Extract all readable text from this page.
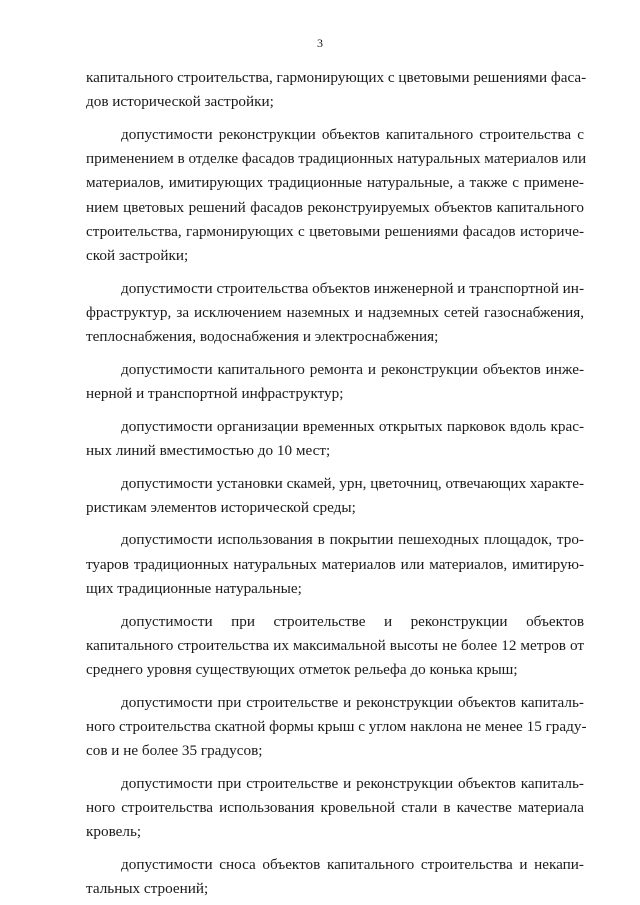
3

капитального строительства, гармонирующих с цветовыми решениями фаса-
дов исторической застройки;

допустимости реконструкции объектов капитального строительства с
применением в отделке фасадов традиционных натуральных материалов или
материалов, имитирующих традиционные натуральные, а также с примене-
нием цветовых решений фасадов реконструируемых объектов капитального
строительства, гармонирующих с цветовыми решениями фасадов историче-
ской застройки;

допустимости строительства объектов инженерной и транспортной ин-
фраструктур, за исключением наземных и надземных сетей газоснабжения,
теплоснабжения, водоснабжения и электроснабжения;

допустимости капитального ремонта и реконструкции объектов инже-
нерной и транспортной инфраструктур;

допустимости организации временных открытых парковок вдоль крас-
ных линий вместимостью до 10 мест;

допустимости установки скамей, урн, цветочниц, отвечающих характе-
ристикам элементов исторической среды;

допустимости использования в покрытии пешеходных площадок, тро-
туаров традиционных натуральных материалов или материалов, имитирую-
щих традиционные натуральные;

допустимости при строительстве и реконструкции объектов
капитального строительства их максимальной высоты не более 12 метров от
среднего уровня существующих отметок рельефа до конька крыш;

допустимости при строительстве и реконструкции объектов капиталь-
ного строительства скатной формы крыш с углом наклона не менее 15 граду-
сов и не более 35 градусов;

допустимости при строительстве и реконструкции объектов капиталь-
ного строительства использования кровельной стали в качестве материала
кровель;

допустимости сноса объектов капитального строительства и некапи-
тальных строений;
